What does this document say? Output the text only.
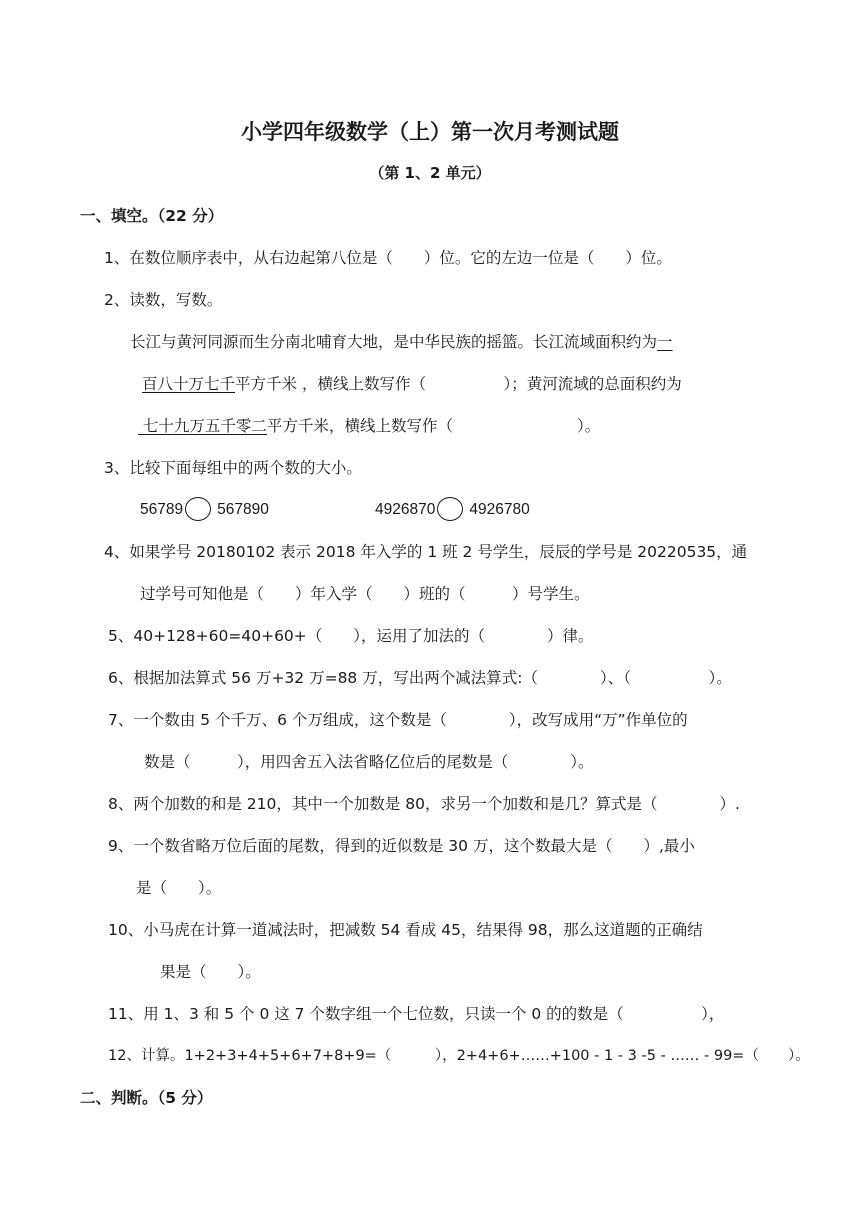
小学四年级数学（上）第一次月考测试题
（第 1、2 单元）
一、填空。（22 分）
1、在数位顺序表中，从右边起第八位是（　　）位。它的左边一位是（　　）位。
2、读数，写数。
长江与黄河同源而生分南北哺育大地，是中华民族的摇篮。长江流域面积约为一
百八十万七千平方千米 ，横线上数写作（　　　　　）；黄河流域的总面积约为
七十九万五千零二平方千米，横线上数写作（　　　　　　　　）。
3、比较下面每组中的两个数的大小。
56789 567890	4926870 4926780
4、如果学号 20180102 表示 2018 年入学的 1 班 2 号学生，辰辰的学号是 20220535，通
过学号可知他是（　　）年入学（　　）班的（　　　）号学生。
5、40+128+60=40+60+（　　），运用了加法的（　　　　）律。
6、根据加法算式 56 万+32 万=88 万，写出两个减法算式:（　　　　）、（　　　　　）。
7、一个数由 5 个千万、6 个万组成，这个数是（　　　　），改写成用“万”作单位的
数是（　　　），用四舍五入法省略亿位后的尾数是（　　　　）。
8、两个加数的和是 210，其中一个加数是 80，求另一个加数和是几？算式是（　　　　）.
9、一个数省略万位后面的尾数，得到的近似数是 30 万，这个数最大是（　　）,最小
是（　　）。
10、小马虎在计算一道减法时，把减数 54 看成 45，结果得 98，那么这道题的正确结
果是（　　）。
11、用 1、3 和 5 个 0 这 7 个数字组一个七位数，只读一个 0 的的数是（　　　　　），
12、计算。1+2+3+4+5+6+7+8+9=（　　　），2+4+6+……+100 - 1 - 3 -5 - …… - 99=（　　）。
二、判断。（5 分）
